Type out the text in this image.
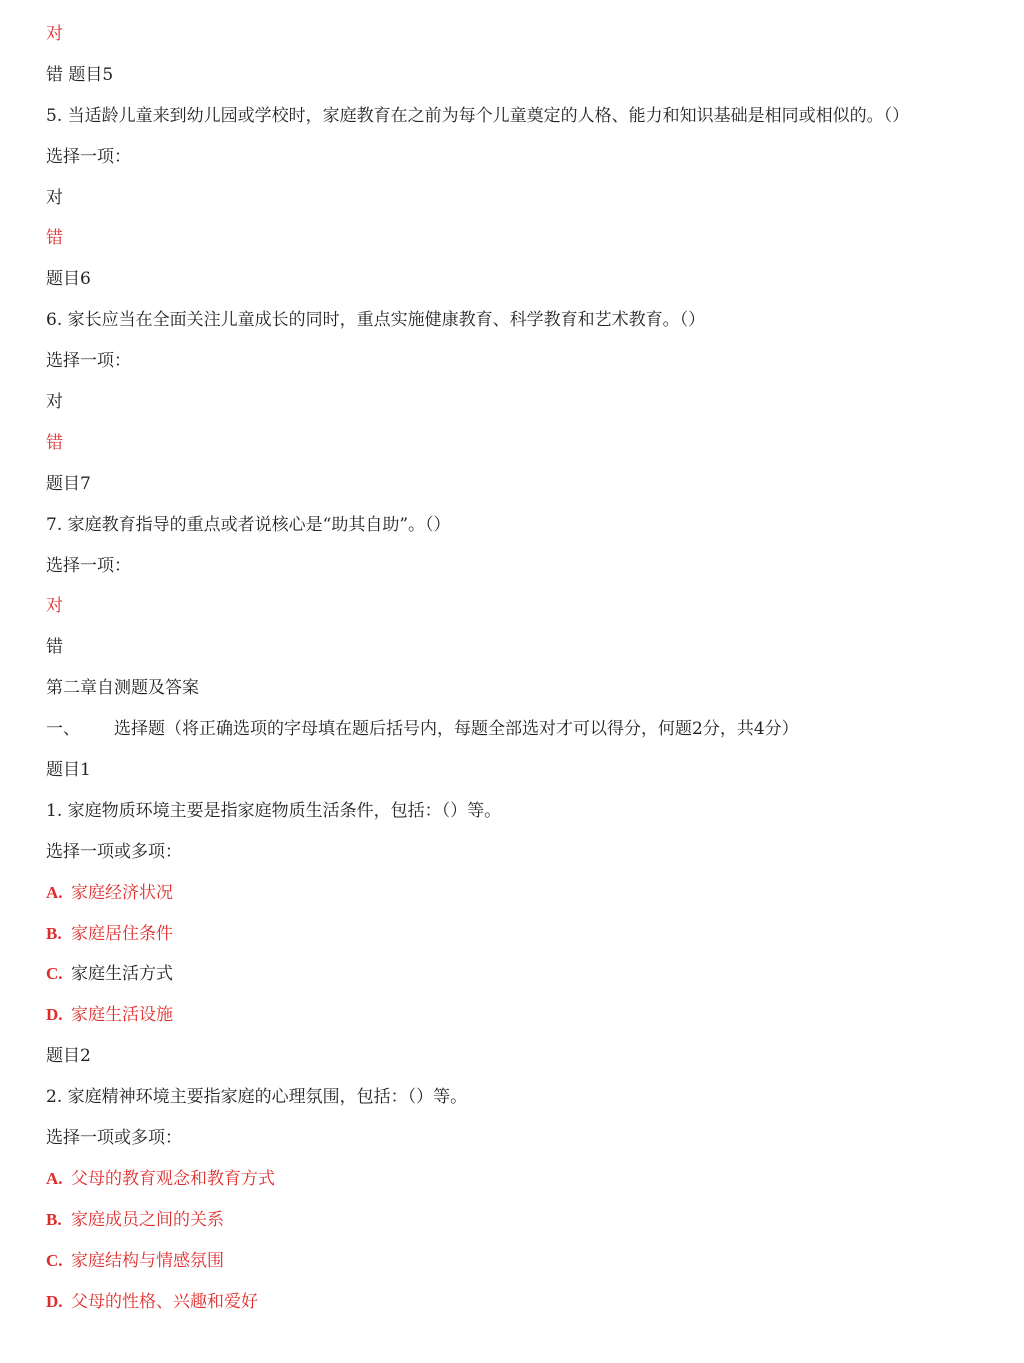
对
错 题目5
5. 当适龄儿童来到幼儿园或学校时，家庭教育在之前为每个儿童奠定的人格、能力和知识基础是相同或相似的。（）
选择一项：
对
错
题目6
6. 家长应当在全面关注儿童成长的同时，重点实施健康教育、科学教育和艺术教育。（）
选择一项：
对
错
题目7
7. 家庭教育指导的重点或者说核心是“助其自助”。（）
选择一项：
对
错
第二章自测题及答案
一、 选择题（将正确选项的字母填在题后括号内，每题全部选对才可以得分，何题2分，共4分）
题目1
1. 家庭物质环境主要是指家庭物质生活条件，包括：（）等。
选择一项或多项：
A. 家庭经济状况
B. 家庭居住条件
C. 家庭生活方式
D. 家庭生活设施
题目2
2. 家庭精神环境主要指家庭的心理氛围，包括：（）等。
选择一项或多项：
A. 父母的教育观念和教育方式
B. 家庭成员之间的关系
C. 家庭结构与情感氛围
D. 父母的性格、兴趣和爱好
